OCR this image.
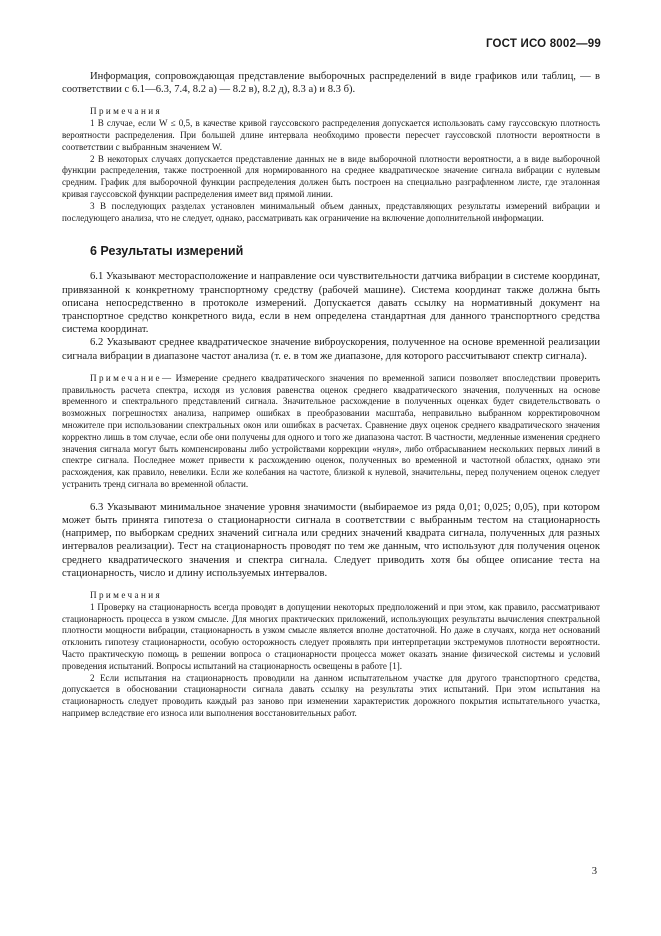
ГОСТ ИСО 8002—99

Информация, сопровождающая представление выборочных распределений в виде графиков или таблиц, — в соответствии с 6.1—6.3, 7.4, 8.2 а) — 8.2 в), 8.2 д), 8.3 а) и 8.3 б).

Примечания

1 В случае, если W ≤ 0,5, в качестве кривой гауссовского распределения допускается использовать саму гауссовскую плотность вероятности распределения. При большей длине интервала необходимо провести пересчет гауссовской плотности вероятности в соответствии с выбранным значением W.

2 В некоторых случаях допускается представление данных не в виде выборочной плотности вероятности, а в виде выборочной функции распределения, также построенной для нормированного на среднее квадратическое значение сигнала вибрации с нулевым средним. График для выборочной функции распределения должен быть построен на специально разграфленном листе, где эталонная кривая гауссовской функции распределения имеет вид прямой линии.

3 В последующих разделах установлен минимальный объем данных, представляющих результаты измерений вибрации и последующего анализа, что не следует, однако, рассматривать как ограничение на включение дополнительной информации.

6 Результаты измерений

6.1 Указывают месторасположение и направление оси чувствительности датчика вибрации в системе координат, привязанной к конкретному транспортному средству (рабочей машине). Система координат также должна быть описана непосредственно в протоколе измерений. Допускается давать ссылку на нормативный документ на транспортное средство конкретного вида, если в нем определена стандартная для данного транспортного средства система координат.

6.2 Указывают среднее квадратическое значение виброускорения, полученное на основе временной реализации сигнала вибрации в диапазоне частот анализа (т. е. в том же диапазоне, для которого рассчитывают спектр сигнала).

Примечание— Измерение среднего квадратического значения по временной записи позволяет впоследствии проверить правильность расчета спектра, исходя из условия равенства оценок среднего квадратического значения, полученных на основе временного и спектрального представлений сигнала. Значительное расхождение в полученных оценках будет свидетельствовать о возможных погрешностях анализа, например ошибках в преобразовании масштаба, неправильно выбранном корректировочном множителе при использовании спектральных окон или ошибках в расчетах. Сравнение двух оценок среднего квадратического значения корректно лишь в том случае, если обе они получены для одного и того же диапазона частот. В частности, медленные изменения среднего значения сигнала могут быть компенсированы либо устройствами коррекции «нуля», либо отбрасыванием нескольких первых линий в спектре сигнала. Последнее может привести к расхождению оценок, полученных во временной и частотной областях, однако эти расхождения, как правило, невелики. Если же колебания на частоте, близкой к нулевой, значительны, перед получением оценок следует устранить тренд сигнала во временной области.

6.3 Указывают минимальное значение уровня значимости (выбираемое из ряда 0,01; 0,025; 0,05), при котором может быть принята гипотеза о стационарности сигнала в соответствии с выбранным тестом на стационарность (например, по выборкам средних значений сигнала или средних значений квадрата сигнала, полученных для разных интервалов реализации). Тест на стационарность проводят по тем же данным, что используют для получения оценок среднего квадратического значения и спектра сигнала. Следует приводить хотя бы общее описание теста на стационарность, число и длину используемых интервалов.

Примечания

1 Проверку на стационарность всегда проводят в допущении некоторых предположений и при этом, как правило, рассматривают стационарность процесса в узком смысле. Для многих практических приложений, использующих результаты вычисления спектральной плотности мощности вибрации, стационарность в узком смысле является вполне достаточной. Но даже в случаях, когда нет оснований отклонить гипотезу стационарности, особую осторожность следует проявлять при интерпретации экстремумов плотности вероятности. Часто практическую помощь в решении вопроса о стационарности процесса может оказать знание физической системы и условий проведения испытаний. Вопросы испытаний на стационарность освещены в работе [1].

2 Если испытания на стационарность проводили на данном испытательном участке для другого транспортного средства, допускается в обосновании стационарности сигнала давать ссылку на результаты этих испытаний. При этом испытания на стационарность следует проводить каждый раз заново при изменении характеристик дорожного покрытия испытательного участка, например вследствие его износа или выполнения восстановительных работ.

3
